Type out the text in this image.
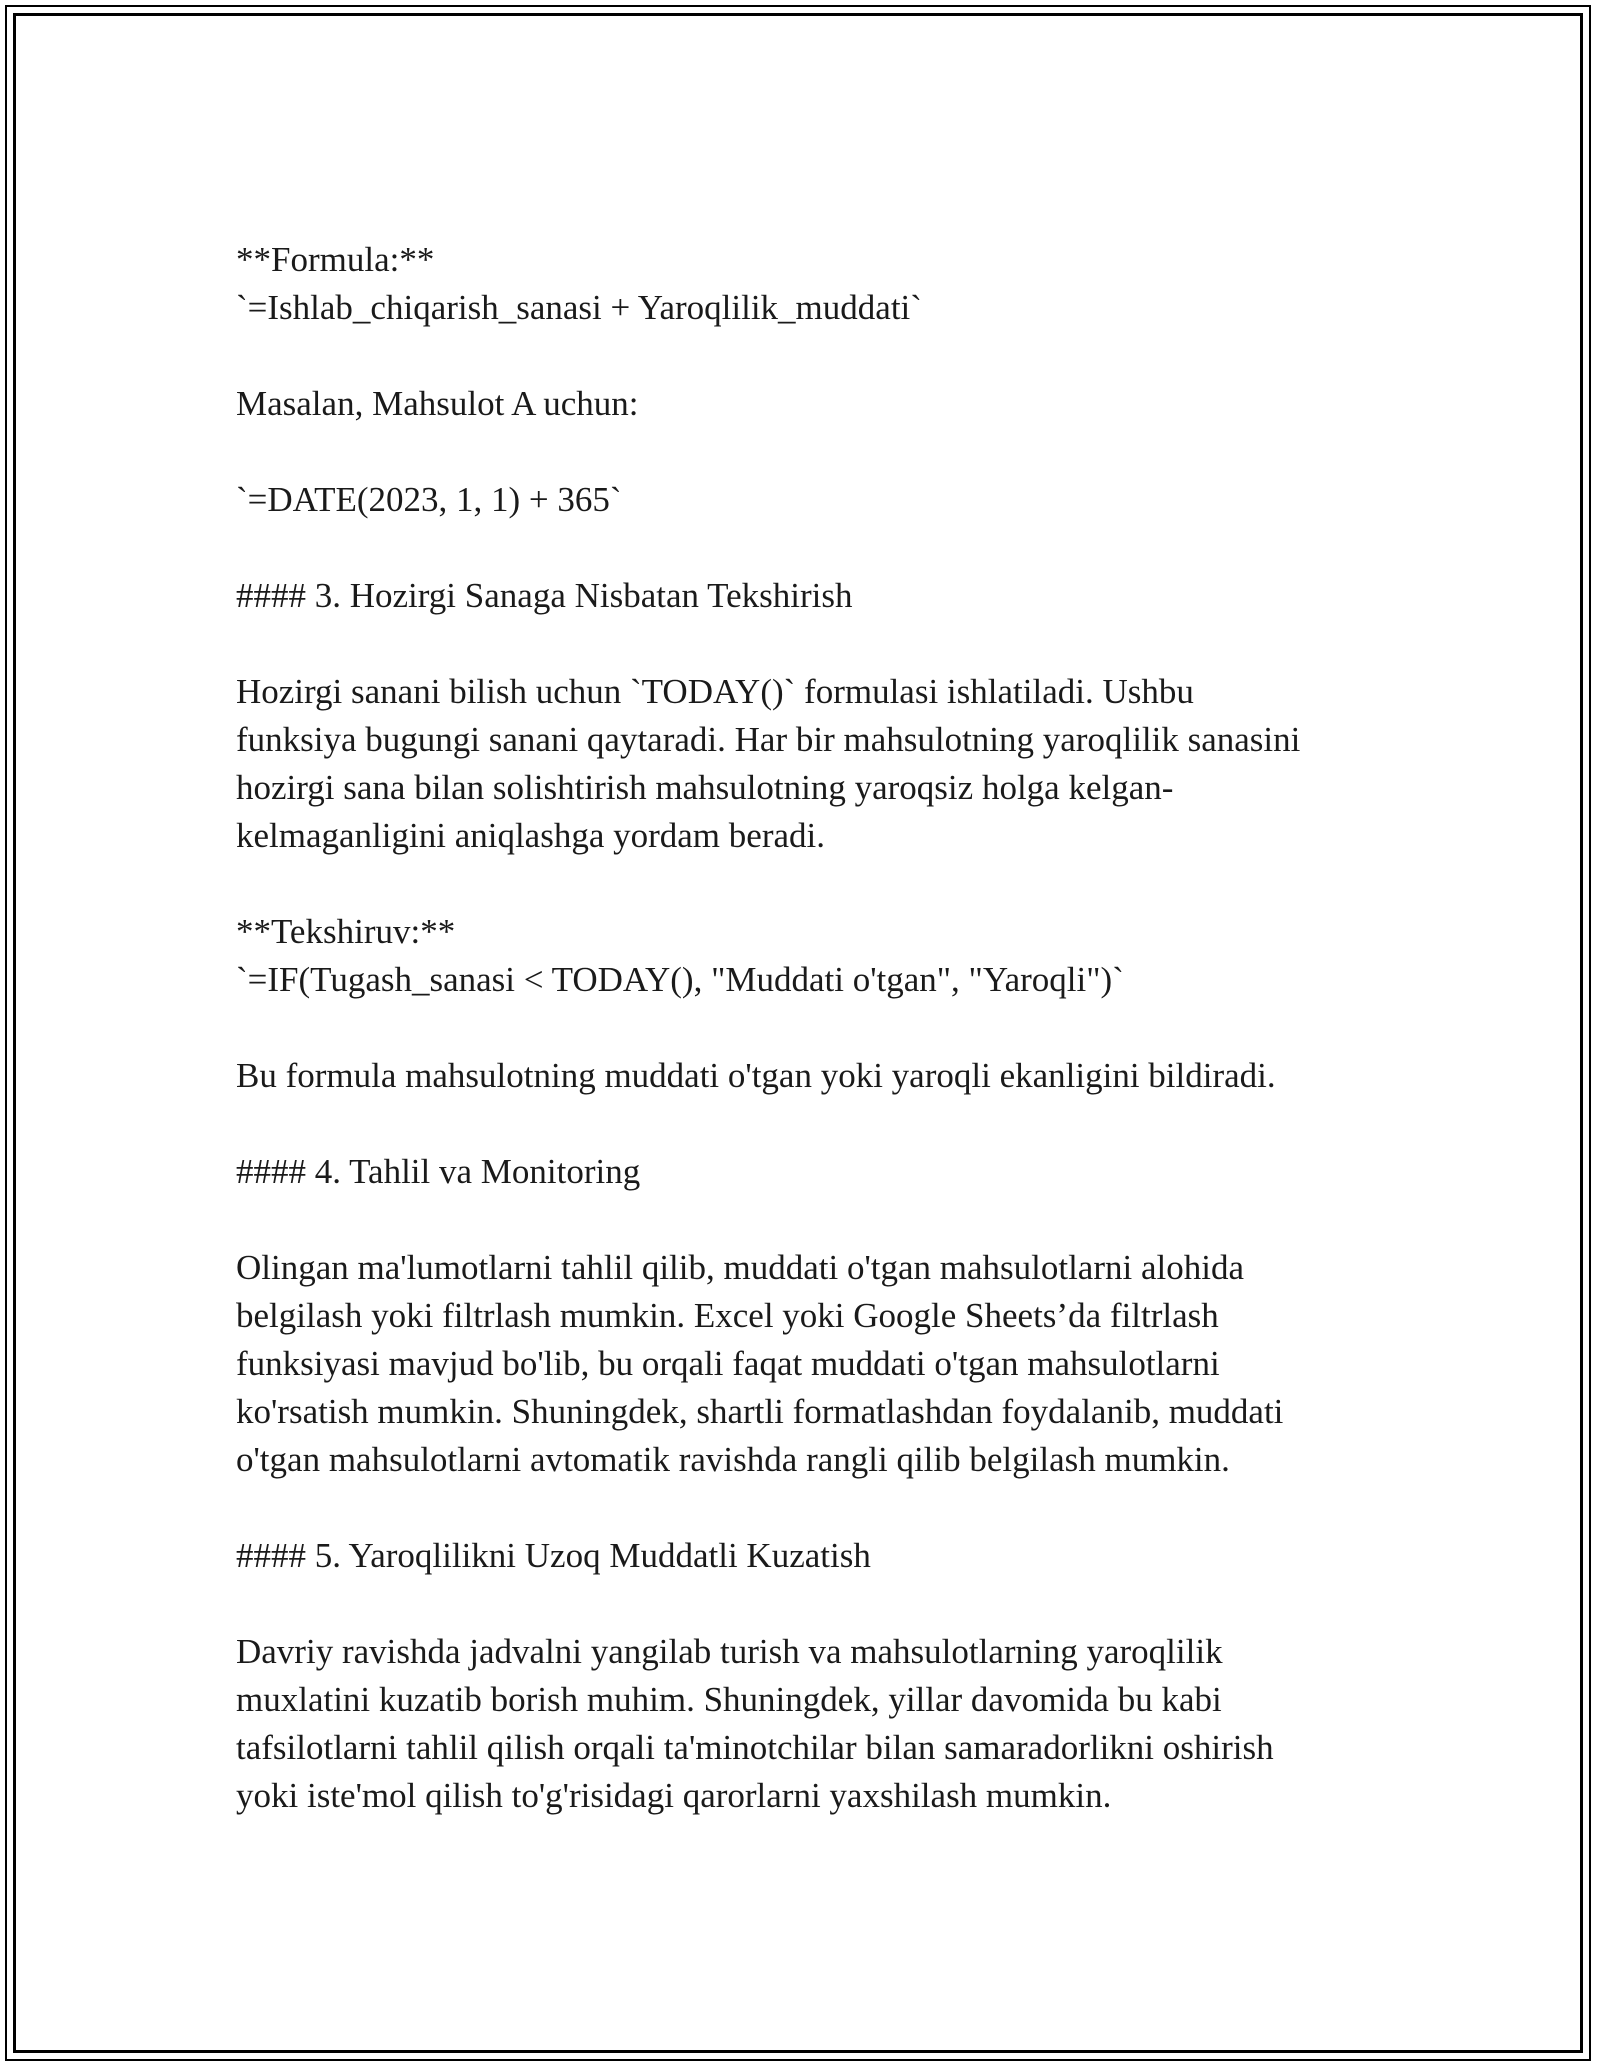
**Formula:**

`=Ishlab_chiqarish_sanasi + Yaroqlilik_muddati`

Masalan, Mahsulot A uchun:

`=DATE(2023, 1, 1) + 365`

#### 3. Hozirgi Sanaga Nisbatan Tekshirish

Hozirgi sanani bilish uchun `TODAY()` formulasi ishlatiladi. Ushbu

funksiya bugungi sanani qaytaradi. Har bir mahsulotning yaroqlilik sanasini

hozirgi sana bilan solishtirish mahsulotning yaroqsiz holga kelgan-

kelmaganligini aniqlashga yordam beradi.

**Tekshiruv:**

`=IF(Tugash_sanasi < TODAY(), "Muddati o'tgan", "Yaroqli")`

Bu formula mahsulotning muddati o'tgan yoki yaroqli ekanligini bildiradi.

#### 4. Tahlil va Monitoring

Olingan ma'lumotlarni tahlil qilib, muddati o'tgan mahsulotlarni alohida

belgilash yoki filtrlash mumkin. Excel yoki Google Sheets’da filtrlash

funksiyasi mavjud bo'lib, bu orqali faqat muddati o'tgan mahsulotlarni

ko'rsatish mumkin. Shuningdek, shartli formatlashdan foydalanib, muddati

o'tgan mahsulotlarni avtomatik ravishda rangli qilib belgilash mumkin.

#### 5. Yaroqlilikni Uzoq Muddatli Kuzatish

Davriy ravishda jadvalni yangilab turish va mahsulotlarning yaroqlilik

muxlatini kuzatib borish muhim. Shuningdek, yillar davomida bu kabi

tafsilotlarni tahlil qilish orqali ta'minotchilar bilan samaradorlikni oshirish

yoki iste'mol qilish to'g'risidagi qarorlarni yaxshilash mumkin.
